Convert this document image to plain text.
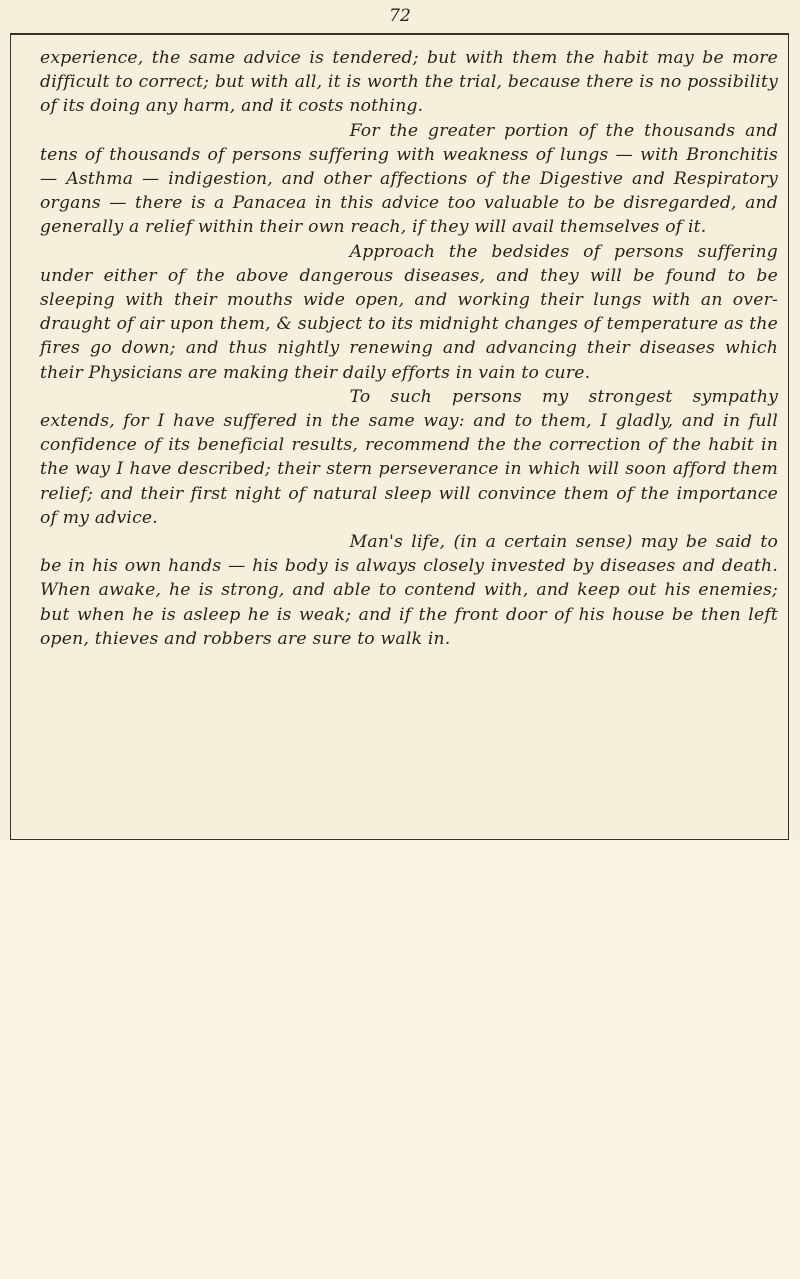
72

experience, the same advice is tendered; but with them the habit may be more difficult to correct; but with all, it is worth the trial, because there is no possibility of its doing any harm, and it costs nothing.

For the greater portion of the thousands and tens of thousands of persons suffering with weakness of lungs — with Bronchitis — Asthma — indigestion, and other affections of the Digestive and Respiratory organs — there is a Panacea in this advice too valuable to be disregarded, and generally a relief within their own reach, if they will avail themselves of it.

Approach the bedsides of persons suffering under either of the above dangerous diseases, and they will be found to be sleeping with their mouths wide open, and working their lungs with an over-draught of air upon them, & subject to its midnight changes of temperature as the fires go down; and thus nightly renewing and advancing their diseases which their Physicians are making their daily efforts in vain to cure.

To such persons my strongest sympathy extends, for I have suffered in the same way: and to them, I gladly, and in full confidence of its beneficial results, recommend the the correction of the habit in the way I have described; their stern perseverance in which will soon afford them relief; and their first night of natural sleep will convince them of the importance of my advice.

Man's life, (in a certain sense) may be said to be in his own hands — his body is always closely invested by diseases and death. When awake, he is strong, and able to contend with, and keep out his enemies; but when he is asleep he is weak; and if the front door of his house be then left open, thieves and robbers are sure to walk in.
